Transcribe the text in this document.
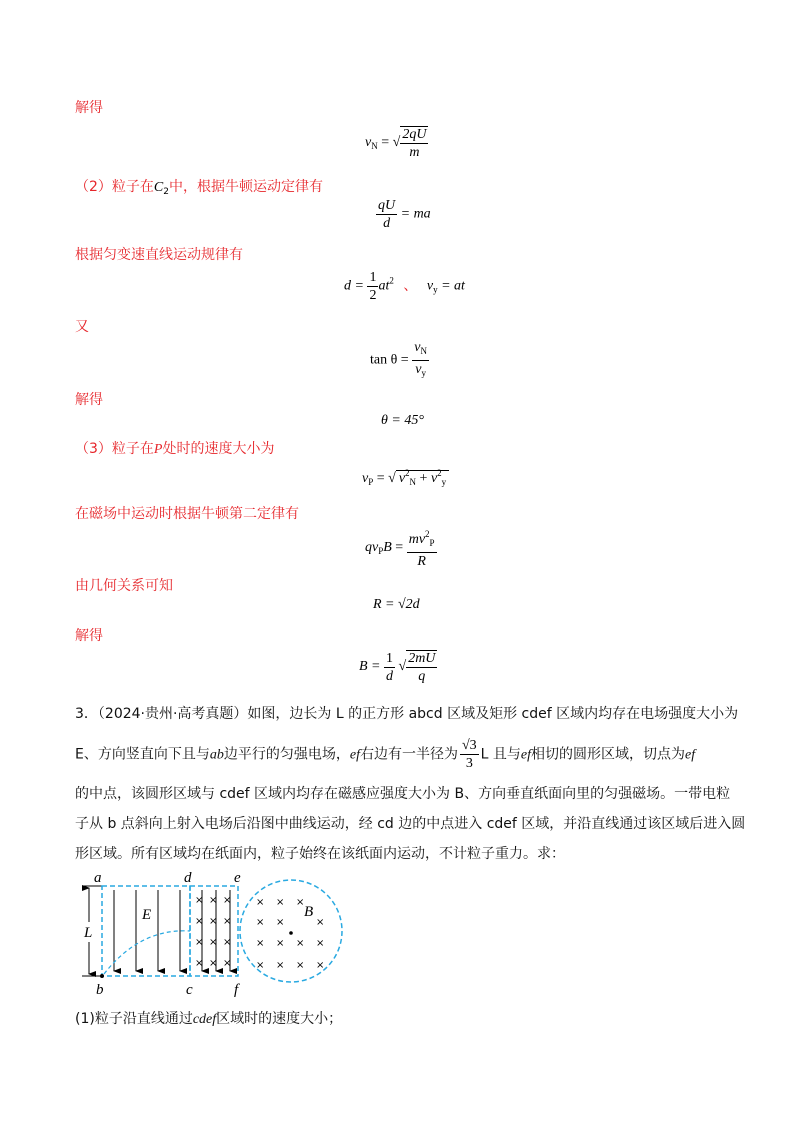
解得
$v_N$ = √ $\frac{2qU}{m}$
（2）粒子在$C_2$中，根据牛顿运动定律有
$\frac{qU}{d}$ = ma
根据匀变速直线运动规律有
$d = \frac{1}{2} at^2$ 、 $v_y$ = at
又
$\tan \theta = \frac{v_N}{v_y}$
解得
θ = 45°
（3）粒子在P处时的速度大小为
$v_P$ = √ $v^2_N + v^2_y$
在磁场中运动时根据牛顿第二定律有
$qv_PB = \frac{mv^2_P}{R}$
由几何关系可知
R = √2d
解得
$B = \frac{1}{d}$ √ $\frac{2mU}{q}$
3．（2024·贵州·高考真题）如图，边长为 L 的正方形 abcd 区域及矩形 cdef 区域内均存在电场强度大小为
E、方向竖直向下且与ab边平行的匀强电场，ef右边有一半径为 $\frac{√3}{3}$ L 且与ef相切的圆形区域，切点为ef
的中点，该圆形区域与 cdef 区域内均存在磁感应强度大小为 B、方向垂直纸面向里的匀强磁场。一带电粒
子从 b 点斜向上射入电场后沿图中曲线运动，经 cd 边的中点进入 cdef 区域，并沿直线通过该区域后进入圆
形区域。所有区域均在纸面内，粒子始终在该纸面内运动，不计粒子重力。求：
× × ×
× × ×
× × ×
× × ×
× × ×
× ×	×
× × × ×
× × × ×
a	d	e
E
L
B
b	c	f
(1)粒子沿直线通过cdef区域时的速度大小；
